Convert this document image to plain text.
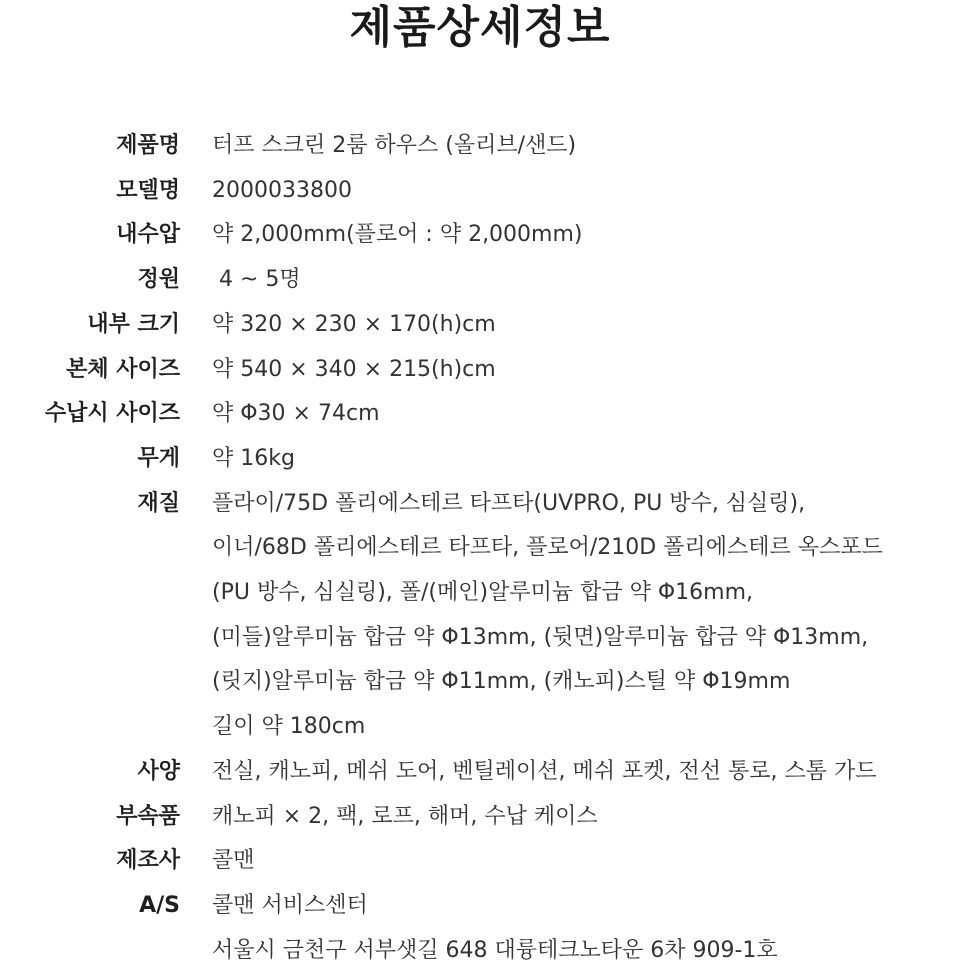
제품상세정보
제품명 터프 스크린 2룸 하우스 (올리브/샌드)
모델명 2000033800
내수압 약 2,000mm(플로어 : 약 2,000mm)
정원 4 ~ 5명
내부 크기 약 320 × 230 × 170(h)cm
본체 사이즈 약 540 × 340 × 215(h)cm
수납시 사이즈 약 Φ30 × 74cm
무게 약 16kg
재질 플라이/75D 폴리에스테르 타프타(UVPRO, PU 방수, 심실링),
이너/68D 폴리에스테르 타프타, 플로어/210D 폴리에스테르 옥스포드
(PU 방수, 심실링), 폴/(메인)알루미늄 합금 약 Φ16mm,
(미들)알루미늄 합금 약 Φ13mm, (뒷면)알루미늄 합금 약 Φ13mm,
(릿지)알루미늄 합금 약 Φ11mm, (캐노피)스틸 약 Φ19mm
길이 약 180cm
사양 전실, 캐노피, 메쉬 도어, 벤틸레이션, 메쉬 포켓, 전선 통로, 스톰 가드
부속품 캐노피 × 2, 팩, 로프, 해머, 수납 케이스
제조사 콜맨
A/S 콜맨 서비스센터
서울시 금천구 서부샛길 648 대륭테크노타운 6차 909-1호
